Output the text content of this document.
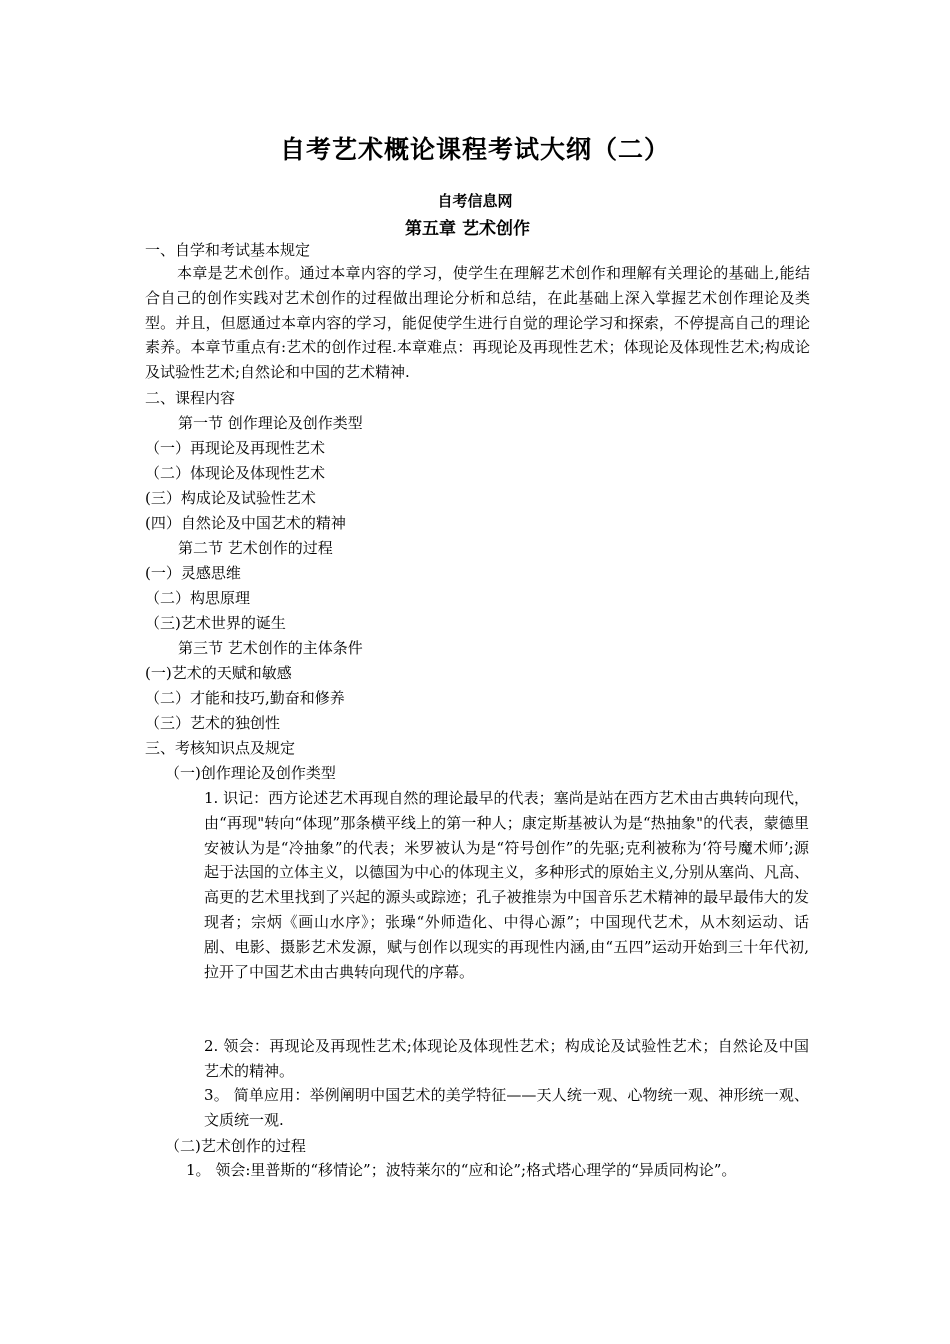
自考艺术概论课程考试大纲（二）
自考信息网
第五章 艺术创作
一、自学和考试基本规定
本章是艺术创作。通过本章内容的学习，使学生在理解艺术创作和理解有关理论的基础上,能结合自己的创作实践对艺术创作的过程做出理论分析和总结，在此基础上深入掌握艺术创作理论及类型。并且，但愿通过本章内容的学习，能促使学生进行自觉的理论学习和探索，不停提高自己的理论素养。本章节重点有:艺术的创作过程.本章难点：再现论及再现性艺术；体现论及体现性艺术;构成论及试验性艺术;自然论和中国的艺术精神.
二、课程内容
第一节 创作理论及创作类型
（一）再现论及再现性艺术
（二）体现论及体现性艺术
(三）构成论及试验性艺术
(四）自然论及中国艺术的精神
第二节 艺术创作的过程
(一）灵感思维
（二）构思原理
（三)艺术世界的诞生
第三节 艺术创作的主体条件
(一)艺术的天赋和敏感
（二）才能和技巧,勤奋和修养
（三）艺术的独创性
三、考核知识点及规定
（一)创作理论及创作类型
1. 识记：西方论述艺术再现自然的理论最早的代表；塞尚是站在西方艺术由古典转向现代，由“再现"转向“体现”那条横平线上的第一种人；康定斯基被认为是“热抽象"的代表，蒙德里安被认为是“冷抽象”的代表；米罗被认为是“符号创作”的先驱;克利被称为‘符号魔术师’;源起于法国的立体主义，以德国为中心的体现主义，多种形式的原始主义,分别从塞尚、凡高、高更的艺术里找到了兴起的源头或踪迹；孔子被推崇为中国音乐艺术精神的最早最伟大的发现者；宗炳《画山水序》；张璪“外师造化、中得心源”；中国现代艺术，从木刻运动、话剧、电影、摄影艺术发源，赋与创作以现实的再现性内涵,由“五四”运动开始到三十年代初,拉开了中国艺术由古典转向现代的序幕。
2. 领会：再现论及再现性艺术;体现论及体现性艺术；构成论及试验性艺术；自然论及中国艺术的精神。
3。 简单应用：举例阐明中国艺术的美学特征——天人统一观、心物统一观、神形统一观、文质统一观.
（二)艺术创作的过程
1。 领会:里普斯的“移情论”；波特莱尔的“应和论”;格式塔心理学的“异质同构论”。
